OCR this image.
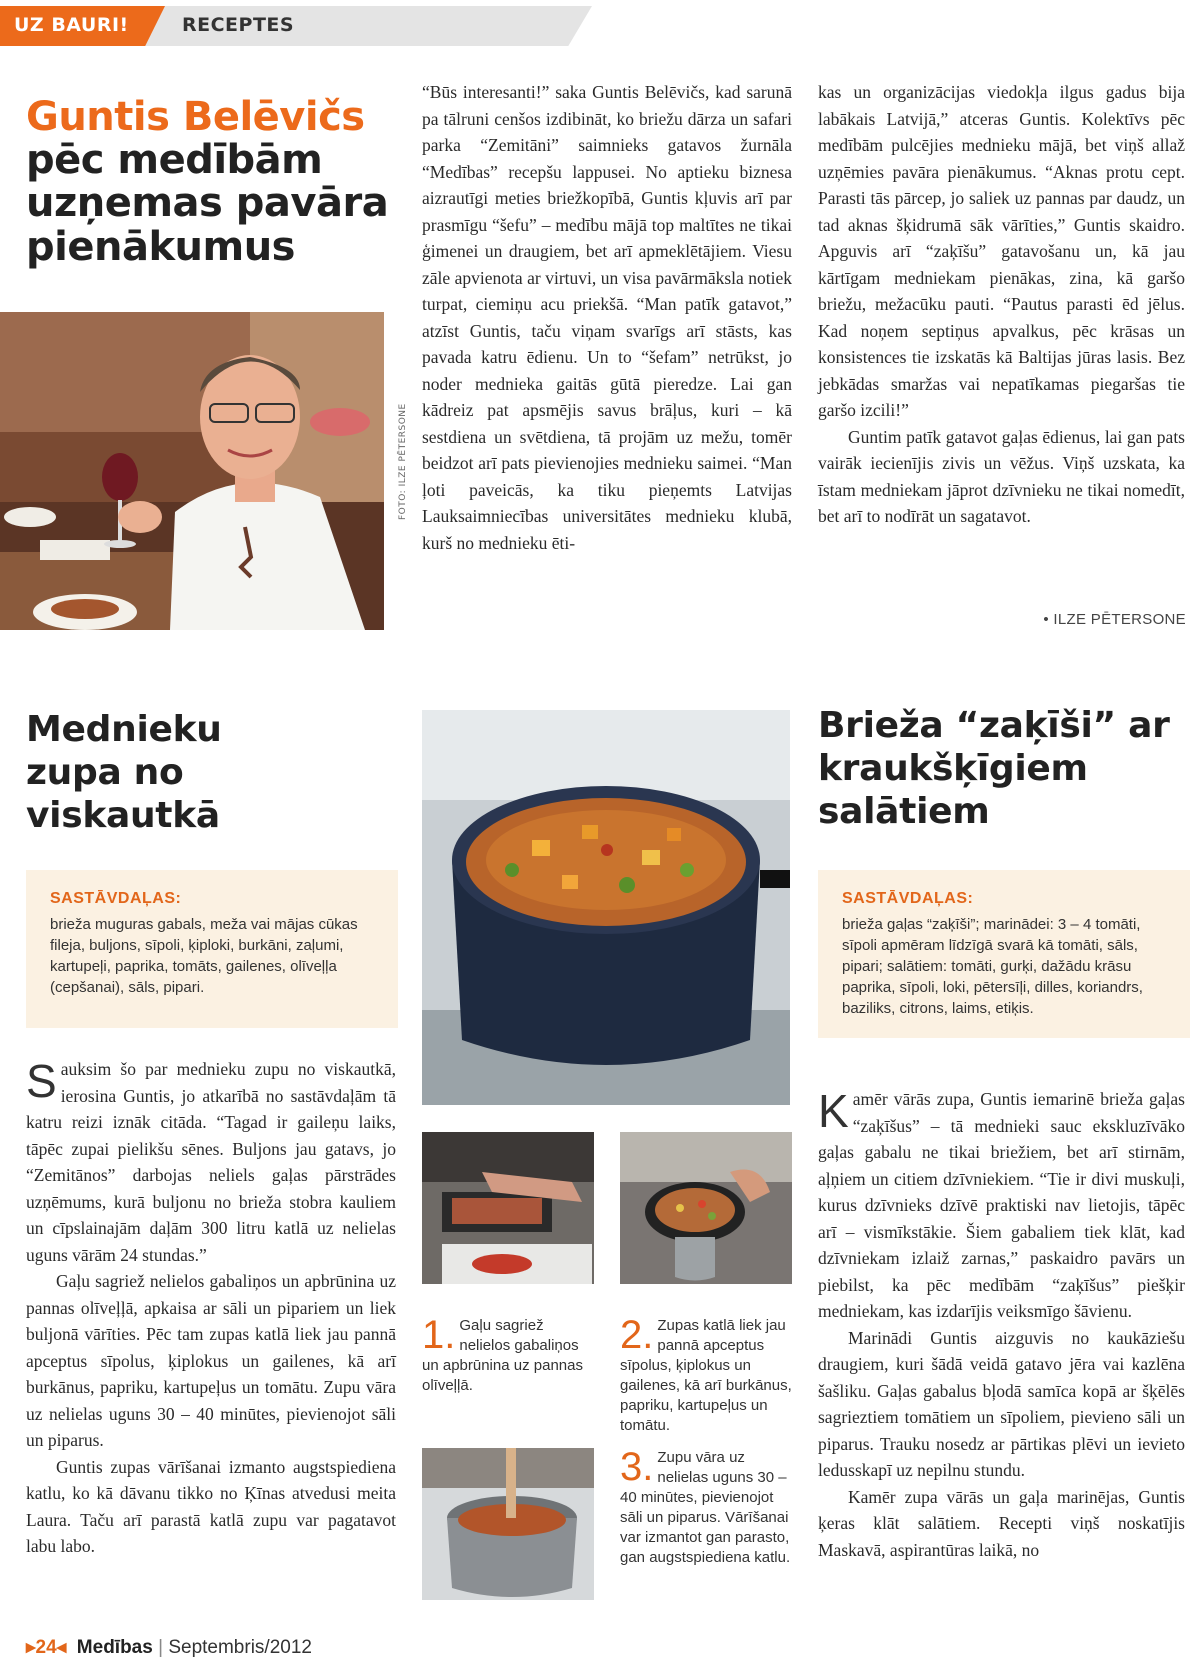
UZ BAURI!	RECEPTES
Guntis Belēvičs
pēc medībām uzņemas pavāra pienākumus
FOTO: ILZE PĒTERSONE

“Būs interesanti!” saka Guntis Belēvičs, kad sarunā pa tālruni cenšos izdibināt, ko briežu dārza un safari parka “Zemitāni” saimnieks gatavos žurnāla “Medības” recepšu lappusei. No aptieku biznesa aizrautīgi meties briežkopībā, Guntis kļuvis arī par prasmīgu “šefu” – medību mājā top maltītes ne tikai ģimenei un draugiem, bet arī apmeklētājiem. Viesu zāle apvienota ar virtuvi, un visa pavārmāksla notiek turpat, ciemiņu acu priekšā. “Man patīk gatavot,” atzīst Guntis, taču viņam svarīgs arī stāsts, kas pavada katru ēdienu. Un to “šefam” netrūkst, jo noder mednieka gaitās gūtā pieredze. Lai gan kādreiz pat apsmējis savus brāļus, kuri – kā sestdiena un svētdiena, tā projām uz mežu, tomēr beidzot arī pats pievienojies mednieku saimei. “Man ļoti paveicās, ka tiku pieņemts Latvijas Lauksaimniecības universitātes mednieku klubā, kurš no mednieku ēti-

kas un organizācijas viedokļa ilgus gadus bija labākais Latvijā,” atceras Guntis. Kolektīvs pēc medībām pulcējies mednieku mājā, bet viņš allaž uzņēmies pavāra pienākumus. “Aknas protu cept. Parasti tās pārcep, jo saliek uz pannas par daudz, un tad aknas šķidrumā sāk vārīties,” Guntis skaidro. Apguvis arī “zaķīšu” gatavošanu un, kā jau kārtīgam medniekam pienākas, zina, kā garšo briežu, mežacūku pauti. “Pautus parasti ēd jēlus. Kad noņem septiņus apvalkus, pēc krāsas un konsistences tie izskatās kā Baltijas jūras lasis. Bez jebkādas smaržas vai nepatīkamas piegaršas tie garšo izcili!”

Guntim patīk gatavot gaļas ēdienus, lai gan pats vairāk iecienījis zivis un vēžus. Viņš uzskata, ka īstam medniekam jāprot dzīvnieku ne tikai nomedīt, bet arī to nodīrāt un sagatavot.

• ILZE PĒTERSONE
Mednieku zupa no viskautkā
SASTĀVDAĻAS:
brieža muguras gabals, meža vai mājas cūkas fileja, buljons, sīpoli, ķiploki, burkāni, zaļumi, kartupeļi, paprika, tomāts, gailenes, olīveļļa (cepšanai), sāls, pipari.

Sauksim šo par mednieku zupu no viskautkā, ierosina Guntis, jo atkarībā no sastāvdaļām tā katru reizi iznāk citāda. “Tagad ir gaileņu laiks, tāpēc zupai pielikšu sēnes. Buljons jau gatavs, jo “Zemitānos” darbojas neliels gaļas pārstrādes uzņēmums, kurā buljonu no brieža stobra kauliem un cīpslainajām daļām 300 litru katlā uz nelielas uguns vārām 24 stundas.”

Gaļu sagriež nelielos gabaliņos un apbrūnina uz pannas olīveļļā, apkaisa ar sāli un pipariem un liek buljonā vārīties. Pēc tam zupas katlā liek jau pannā apceptus sīpolus, ķiplokus un gailenes, kā arī burkānus, papriku, kartupeļus un tomātu. Zupu vāra uz nelielas uguns 30 – 40 minūtes, pievienojot sāli un piparus.

Guntis zupas vārīšanai izmanto augstspiediena katlu, ko kā dāvanu tikko no Ķīnas atvedusi meita Laura. Taču arī parastā katlā zupu var pagatavot labu labo.

1. Gaļu sagriež nelielos gabaliņos un apbrūnina uz pannas olīveļļā.
2. Zupas katlā liek jau pannā apceptus sīpolus, ķiplokus un gailenes, kā arī burkānus, papriku, kartupeļus un tomātu.
3. Zupu vāra uz nelielas uguns 30 – 40 minūtes, pievienojot sāli un piparus. Vārīšanai var izmantot gan parasto, gan augstspiediena katlu.
Brieža “zaķīši” ar kraukšķīgiem salātiem
SASTĀVDAĻAS:
brieža gaļas “zaķīši”; marinādei: 3 – 4 tomāti, sīpoli apmēram līdzīgā svarā kā tomāti, sāls, pipari; salātiem: tomāti, gurķi, dažādu krāsu paprika, sīpoli, loki, pētersīļi, dilles, koriandrs, baziliks, citrons, laims, etiķis.

Kamēr vārās zupa, Guntis iemarinē brieža gaļas “zaķīšus” – tā mednieki sauc ekskluzīvāko gaļas gabalu ne tikai briežiem, bet arī stirnām, aļņiem un citiem dzīvniekiem. “Tie ir divi muskuļi, kurus dzīvnieks dzīvē praktiski nav lietojis, tāpēc arī – vismīkstākie. Šiem gabaliem tiek klāt, kad dzīvniekam izlaiž zarnas,” paskaidro pavārs un piebilst, ka pēc medībām “zaķīšus” piešķir medniekam, kas izdarījis veiksmīgo šāvienu.

Marinādi Guntis aizguvis no kaukāziešu draugiem, kuri šādā veidā gatavo jēra vai kazlēna šašliku. Gaļas gabalus bļodā samīca kopā ar šķēlēs sagrieztiem tomātiem un sīpoliem, pievieno sāli un piparus. Trauku nosedz ar pārtikas plēvi un ievieto ledusskapī uz nepilnu stundu.

Kamēr zupa vārās un gaļa marinējas, Guntis ķeras klāt salātiem. Recepti viņš noskatījis Maskavā, aspirantūras laikā, no

▸24◂ Medības | Septembris/2012
